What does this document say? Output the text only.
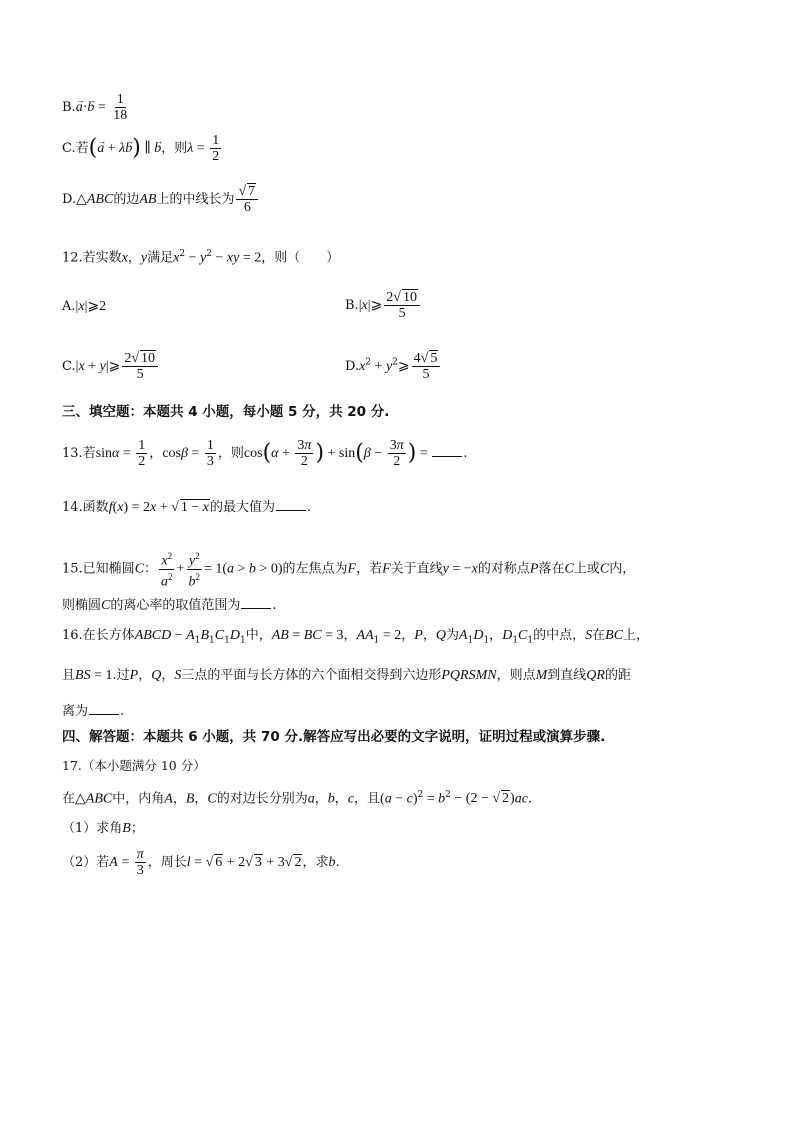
$B.\to a\cdot\to b = \frac{1}{18}$
C.若(→ a + λ→ b) ∥ → b，则$\lambda = \frac{1}{2}$
D.△ABC的边AB上的中线长为 $\frac{√ 7}{6}$
12.若实数x，y满足$x^2 - y^2$ − xy = 2，则（　　）
A.|x|⩾2	B.|x|⩾ $\frac{2√ 10}{5}$
C.|x + y|⩾ $\frac{2√ 10}{5}$	$D.x^2$ + $y^2⩾ \frac{4√ 5}{5}$
三、填空题：本题共 4 小题，每小题 5 分，共 20 分.
13.若$\sin\alpha = \frac{1}{2}$ ，$\cos\beta = \frac{1}{3}$ ，则$\cos(\alpha + \frac{3\pi}{2}$ ) + $\sin(\beta - \frac{3\pi}{2}$ ) = .
14.函数f(x) = 2x + √ 1 − x的最大值为 .
15.已知椭圆C： $\frac{x^2}{a^2} + \frac{y^2}{b^2} = 1(a > b > 0)$的左焦点为F，若F关于直线y = −x的对称点P落在C上或C内，
则椭圆C的离心率的取值范围为 .
16.在长方体ABCD − $A_1B_1C_1D_1$中，AB = BC = 3，$AA_1 = 2$，P，Q为$A_1D_1$，$D_1C_1$的中点，S在BC上，
且BS = 1.过P，Q，S三点的平面与长方体的六个面相交得到六边形PQRSMN，则点M到直线QR的距
离为 .
四、解答题：本题共 6 小题，共 70 分.解答应写出必要的文字说明，证明过程或演算步骤.
17.（本小题满分 10 分）
在△ABC中，内角A，B，C的对边长分别为a，b，c，且$(a - c)^2 = b^2 - (2$ − √ 2)ac.
（1）求角B；
（2）若$A = \frac{\pi}{3}$ ，周长l = √ 6 + 2√ 3 + 3√ 2，求b.
